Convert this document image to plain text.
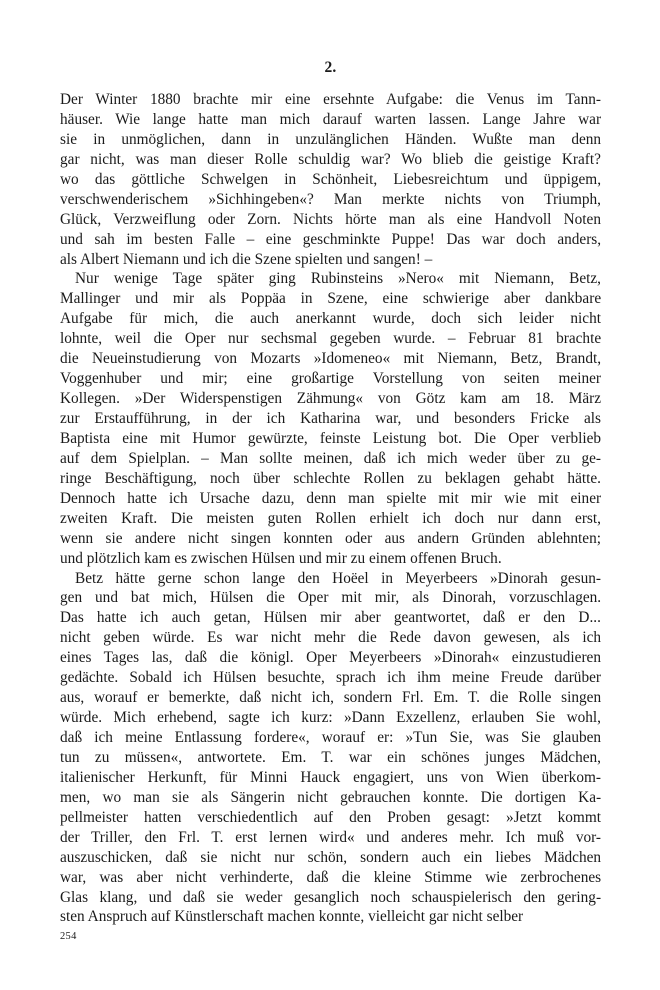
2.
Der Winter 1880 brachte mir eine ersehnte Aufgabe: die Venus im Tann-
häuser. Wie lange hatte man mich darauf warten lassen. Lange Jahre war
sie in unmöglichen, dann in unzulänglichen Händen. Wußte man denn
gar nicht, was man dieser Rolle schuldig war? Wo blieb die geistige Kraft?
wo das göttliche Schwelgen in Schönheit, Liebesreichtum und üppigem,
verschwenderischem »Sichhingeben«? Man merkte nichts von Triumph,
Glück, Verzweiflung oder Zorn. Nichts hörte man als eine Handvoll Noten
und sah im besten Falle – eine geschminkte Puppe! Das war doch anders,
als Albert Niemann und ich die Szene spielten und sangen! –
Nur wenige Tage später ging Rubinsteins »Nero« mit Niemann, Betz,
Mallinger und mir als Poppäa in Szene, eine schwierige aber dankbare
Aufgabe für mich, die auch anerkannt wurde, doch sich leider nicht
lohnte, weil die Oper nur sechsmal gegeben wurde. – Februar 81 brachte
die Neueinstudierung von Mozarts »Idomeneo« mit Niemann, Betz, Brandt,
Voggenhuber und mir; eine großartige Vorstellung von seiten meiner
Kollegen. »Der Widerspenstigen Zähmung« von Götz kam am 18. März
zur Erstaufführung, in der ich Katharina war, und besonders Fricke als
Baptista eine mit Humor gewürzte, feinste Leistung bot. Die Oper verblieb
auf dem Spielplan. – Man sollte meinen, daß ich mich weder über zu ge-
ringe Beschäftigung, noch über schlechte Rollen zu beklagen gehabt hätte.
Dennoch hatte ich Ursache dazu, denn man spielte mit mir wie mit einer
zweiten Kraft. Die meisten guten Rollen erhielt ich doch nur dann erst,
wenn sie andere nicht singen konnten oder aus andern Gründen ablehnten;
und plötzlich kam es zwischen Hülsen und mir zu einem offenen Bruch.
Betz hätte gerne schon lange den Hoëel in Meyerbeers »Dinorah gesun-
gen und bat mich, Hülsen die Oper mit mir, als Dinorah, vorzuschlagen.
Das hatte ich auch getan, Hülsen mir aber geantwortet, daß er den D...
nicht geben würde. Es war nicht mehr die Rede davon gewesen, als ich
eines Tages las, daß die königl. Oper Meyerbeers »Dinorah« einzustudieren
gedächte. Sobald ich Hülsen besuchte, sprach ich ihm meine Freude darüber
aus, worauf er bemerkte, daß nicht ich, sondern Frl. Em. T. die Rolle singen
würde. Mich erhebend, sagte ich kurz: »Dann Exzellenz, erlauben Sie wohl,
daß ich meine Entlassung fordere«, worauf er: »Tun Sie, was Sie glauben
tun zu müssen«, antwortete. Em. T. war ein schönes junges Mädchen,
italienischer Herkunft, für Minni Hauck engagiert, uns von Wien überkom-
men, wo man sie als Sängerin nicht gebrauchen konnte. Die dortigen Ka-
pellmeister hatten verschiedentlich auf den Proben gesagt: »Jetzt kommt
der Triller, den Frl. T. erst lernen wird« und anderes mehr. Ich muß vor-
auszuschicken, daß sie nicht nur schön, sondern auch ein liebes Mädchen
war, was aber nicht verhinderte, daß die kleine Stimme wie zerbrochenes
Glas klang, und daß sie weder gesanglich noch schauspielerisch den gering-
sten Anspruch auf Künstlerschaft machen konnte, vielleicht gar nicht selber
254
